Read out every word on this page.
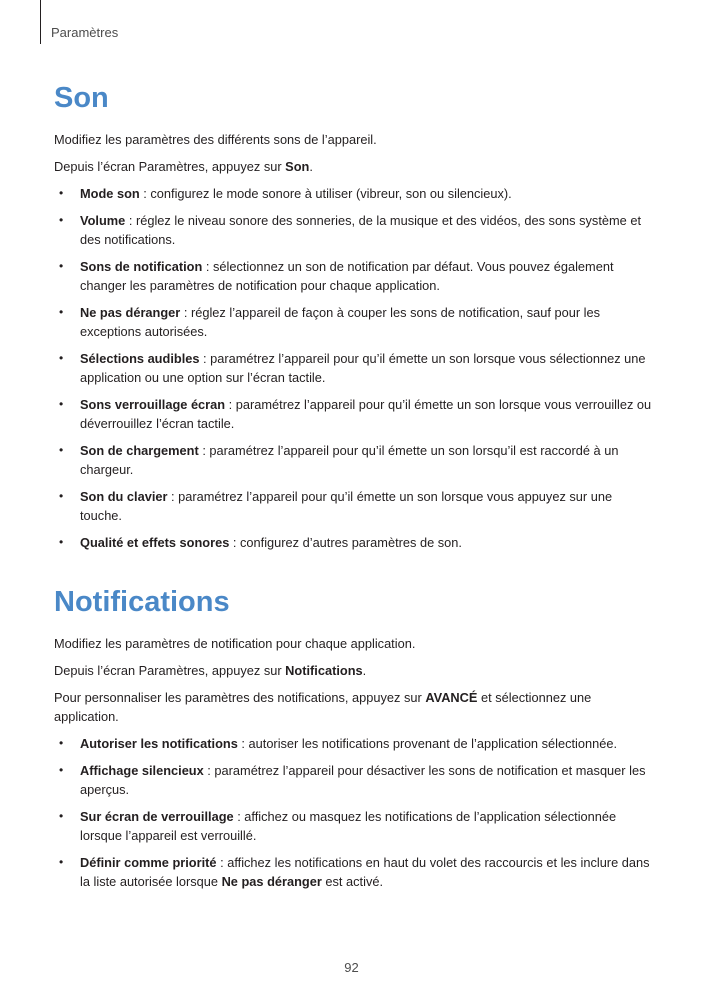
Paramètres
Son

Modifiez les paramètres des différents sons de l’appareil.

Depuis l’écran Paramètres, appuyez sur Son.

• Mode son : configurez le mode sonore à utiliser (vibreur, son ou silencieux).
• Volume : réglez le niveau sonore des sonneries, de la musique et des vidéos, des sons système et des notifications.
• Sons de notification : sélectionnez un son de notification par défaut. Vous pouvez également changer les paramètres de notification pour chaque application.
• Ne pas déranger : réglez l’appareil de façon à couper les sons de notification, sauf pour les exceptions autorisées.
• Sélections audibles : paramétrez l’appareil pour qu’il émette un son lorsque vous sélectionnez une application ou une option sur l’écran tactile.
• Sons verrouillage écran : paramétrez l’appareil pour qu’il émette un son lorsque vous verrouillez ou déverrouillez l’écran tactile.
• Son de chargement : paramétrez l’appareil pour qu’il émette un son lorsqu’il est raccordé à un chargeur.
• Son du clavier : paramétrez l’appareil pour qu’il émette un son lorsque vous appuyez sur une touche.
• Qualité et effets sonores : configurez d’autres paramètres de son.
Notifications

Modifiez les paramètres de notification pour chaque application.

Depuis l’écran Paramètres, appuyez sur Notifications.

Pour personnaliser les paramètres des notifications, appuyez sur AVANCÉ et sélectionnez une application.

• Autoriser les notifications : autoriser les notifications provenant de l’application sélectionnée.
• Affichage silencieux : paramétrez l’appareil pour désactiver les sons de notification et masquer les aperçus.
• Sur écran de verrouillage : affichez ou masquez les notifications de l’application sélectionnée lorsque l’appareil est verrouillé.
• Définir comme priorité : affichez les notifications en haut du volet des raccourcis et les inclure dans la liste autorisée lorsque Ne pas déranger est activé.
92
